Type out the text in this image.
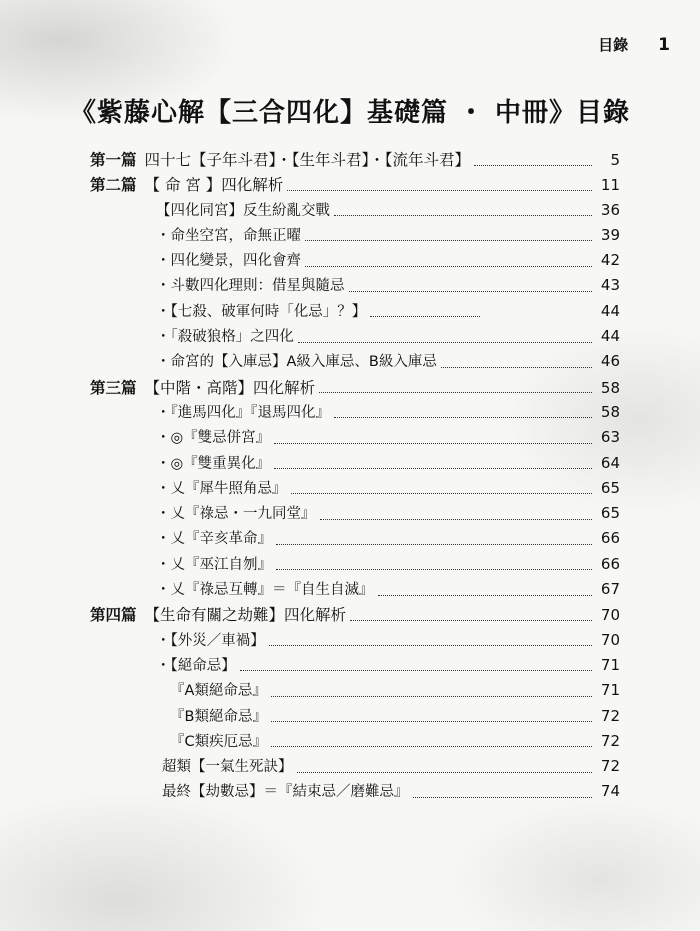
目錄 1
《紫藤心解【三合四化】基礎篇 ・ 中冊》目錄
第一篇 四十七【子年斗君】・【生年斗君】・【流年斗君】	5
第二篇 【 命 宮 】四化解析	11
【四化同宮】反生紛亂交戰	36
・命坐空宮，命無正曜	39
・四化變景，四化會齊	42
・斗數四化理則：借星與隨忌	43
・【七殺、破軍何時「化忌」？】	44
・「殺破狼格」之四化	44
・命宮的【入庫忌】A級入庫忌、B級入庫忌	46
第三篇 【中階・高階】四化解析	58
・『進馬四化』『退馬四化』	58
・◎『雙忌併宮』	63
・◎『雙重異化』	64
・乂『犀牛照角忌』	65
・乂『祿忌・一九同堂』	65
・乂『辛亥革命』	66
・乂『巫江自刎』	66
・乂『祿忌互轉』＝『自生自滅』	67
第四篇 【生命有關之劫難】四化解析	70
・【外災／車禍】	70
・【絕命忌】	71
『A類絕命忌』	71
『B類絕命忌』	72
『C類疾厄忌』	72
超類【一氣生死訣】	72
最終【劫數忌】＝『結束忌／磨難忌』	74
